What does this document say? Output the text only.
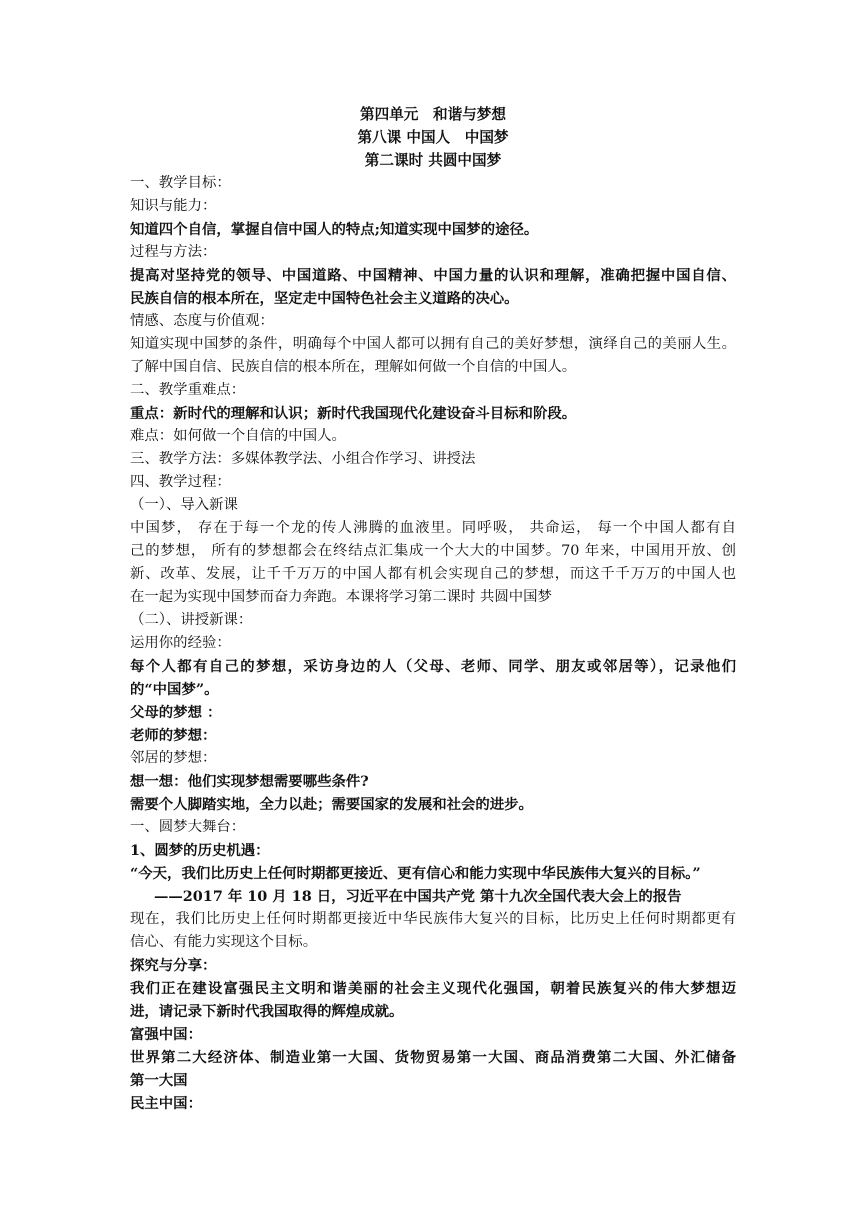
第四单元　和谐与梦想
第八课 中国人　中国梦
第二课时 共圆中国梦
一、教学目标：
知识与能力：
知道四个自信，掌握自信中国人的特点;知道实现中国梦的途径。
过程与方法：
提高对坚持党的领导、中国道路、中国精神、中国力量的认识和理解，准确把握中国自信、
民族自信的根本所在，坚定走中国特色社会主义道路的决心。
情感、态度与价值观：
知道实现中国梦的条件，明确每个中国人都可以拥有自己的美好梦想，演绎自己的美丽人生。
了解中国自信、民族自信的根本所在，理解如何做一个自信的中国人。
二、教学重难点：
重点：新时代的理解和认识；新时代我国现代化建设奋斗目标和阶段。
难点：如何做一个自信的中国人。
三、教学方法：多媒体教学法、小组合作学习、讲授法
四、教学过程：
（一）、导入新课
中国梦， 存在于每一个龙的传人沸腾的血液里。同呼吸， 共命运， 每一个中国人都有自
己的梦想， 所有的梦想都会在终结点汇集成一个大大的中国梦。70 年来，中国用开放、创
新、改革、发展，让千千万万的中国人都有机会实现自己的梦想，而这千千万万的中国人也
在一起为实现中国梦而奋力奔跑。本课将学习第二课时 共圆中国梦
（二）、讲授新课：
运用你的经验：
每个人都有自己的梦想，采访身边的人（父母、老师、同学、朋友或邻居等），记录他们
的“中国梦”。
父母的梦想 ：
老师的梦想：
邻居的梦想：
想一想：他们实现梦想需要哪些条件?
需要个人脚踏实地，全力以赴；需要国家的发展和社会的进步。
一、圆梦大舞台：
1、圆梦的历史机遇：
“今天，我们比历史上任何时期都更接近、更有信心和能力实现中华民族伟大复兴的目标。”
——2017 年 10 月 18 日，习近平在中国共产党 第十九次全国代表大会上的报告
现在，我们比历史上任何时期都更接近中华民族伟大复兴的目标，比历史上任何时期都更有
信心、有能力实现这个目标。
探究与分享：
我们正在建设富强民主文明和谐美丽的社会主义现代化强国，朝着民族复兴的伟大梦想迈
进，请记录下新时代我国取得的辉煌成就。
富强中国：
世界第二大经济体、制造业第一大国、货物贸易第一大国、商品消费第二大国、外汇储备
第一大国
民主中国：
